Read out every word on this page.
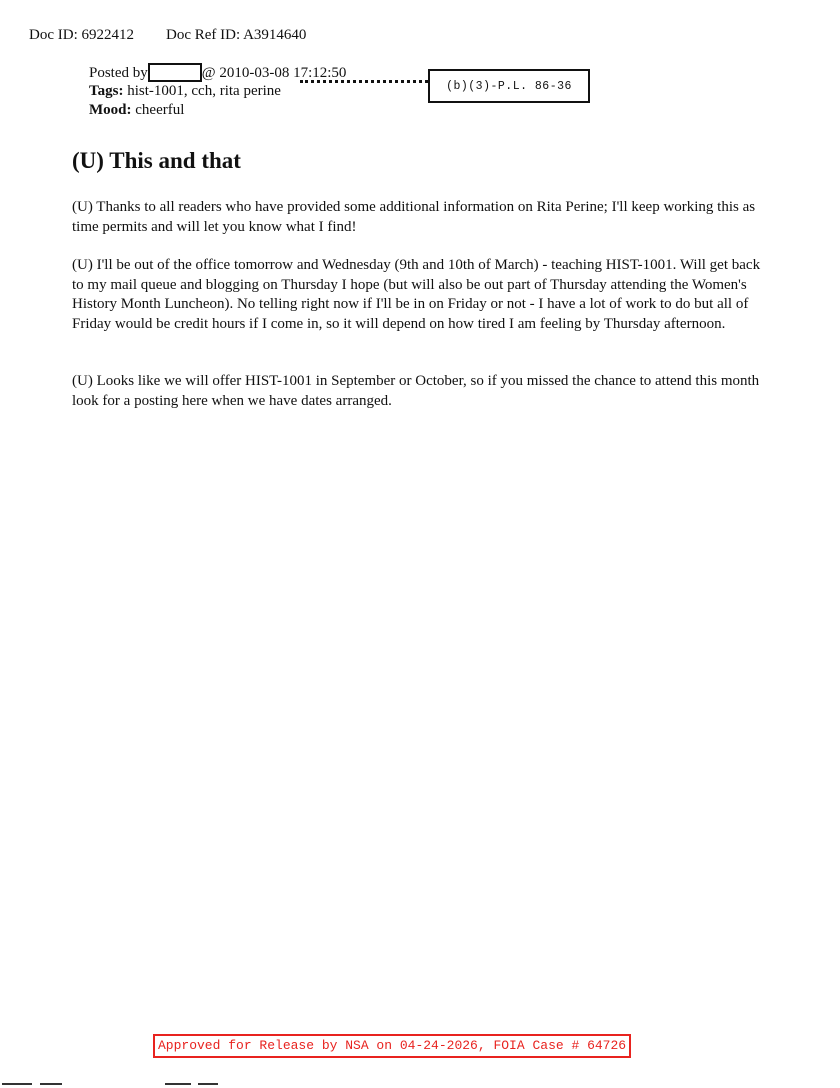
Doc ID: 6922412 Doc Ref ID: A3914640
Posted by	@ 2010-03-08 17:12:50
Tags: hist-1001, cch, rita perine
Mood: cheerful
(b)(3)-P.L. 86-36
(U) This and that

(U) Thanks to all readers who have provided some additional information on Rita Perine; I'll keep working this as time permits and will let you know what I find!

(U) I'll be out of the office tomorrow and Wednesday (9th and 10th of March) - teaching HIST-1001. Will get back to my mail queue and blogging on Thursday I hope (but will also be out part of Thursday attending the Women's History Month Luncheon). No telling right now if I'll be in on Friday or not - I have a lot of work to do but all of Friday would be credit hours if I come in, so it will depend on how tired I am feeling by Thursday afternoon.

(U) Looks like we will offer HIST-1001 in September or October, so if you missed the chance to attend this month look for a posting here when we have dates arranged.

Approved for Release by NSA on 04-24-2026, FOIA Case # 64726
